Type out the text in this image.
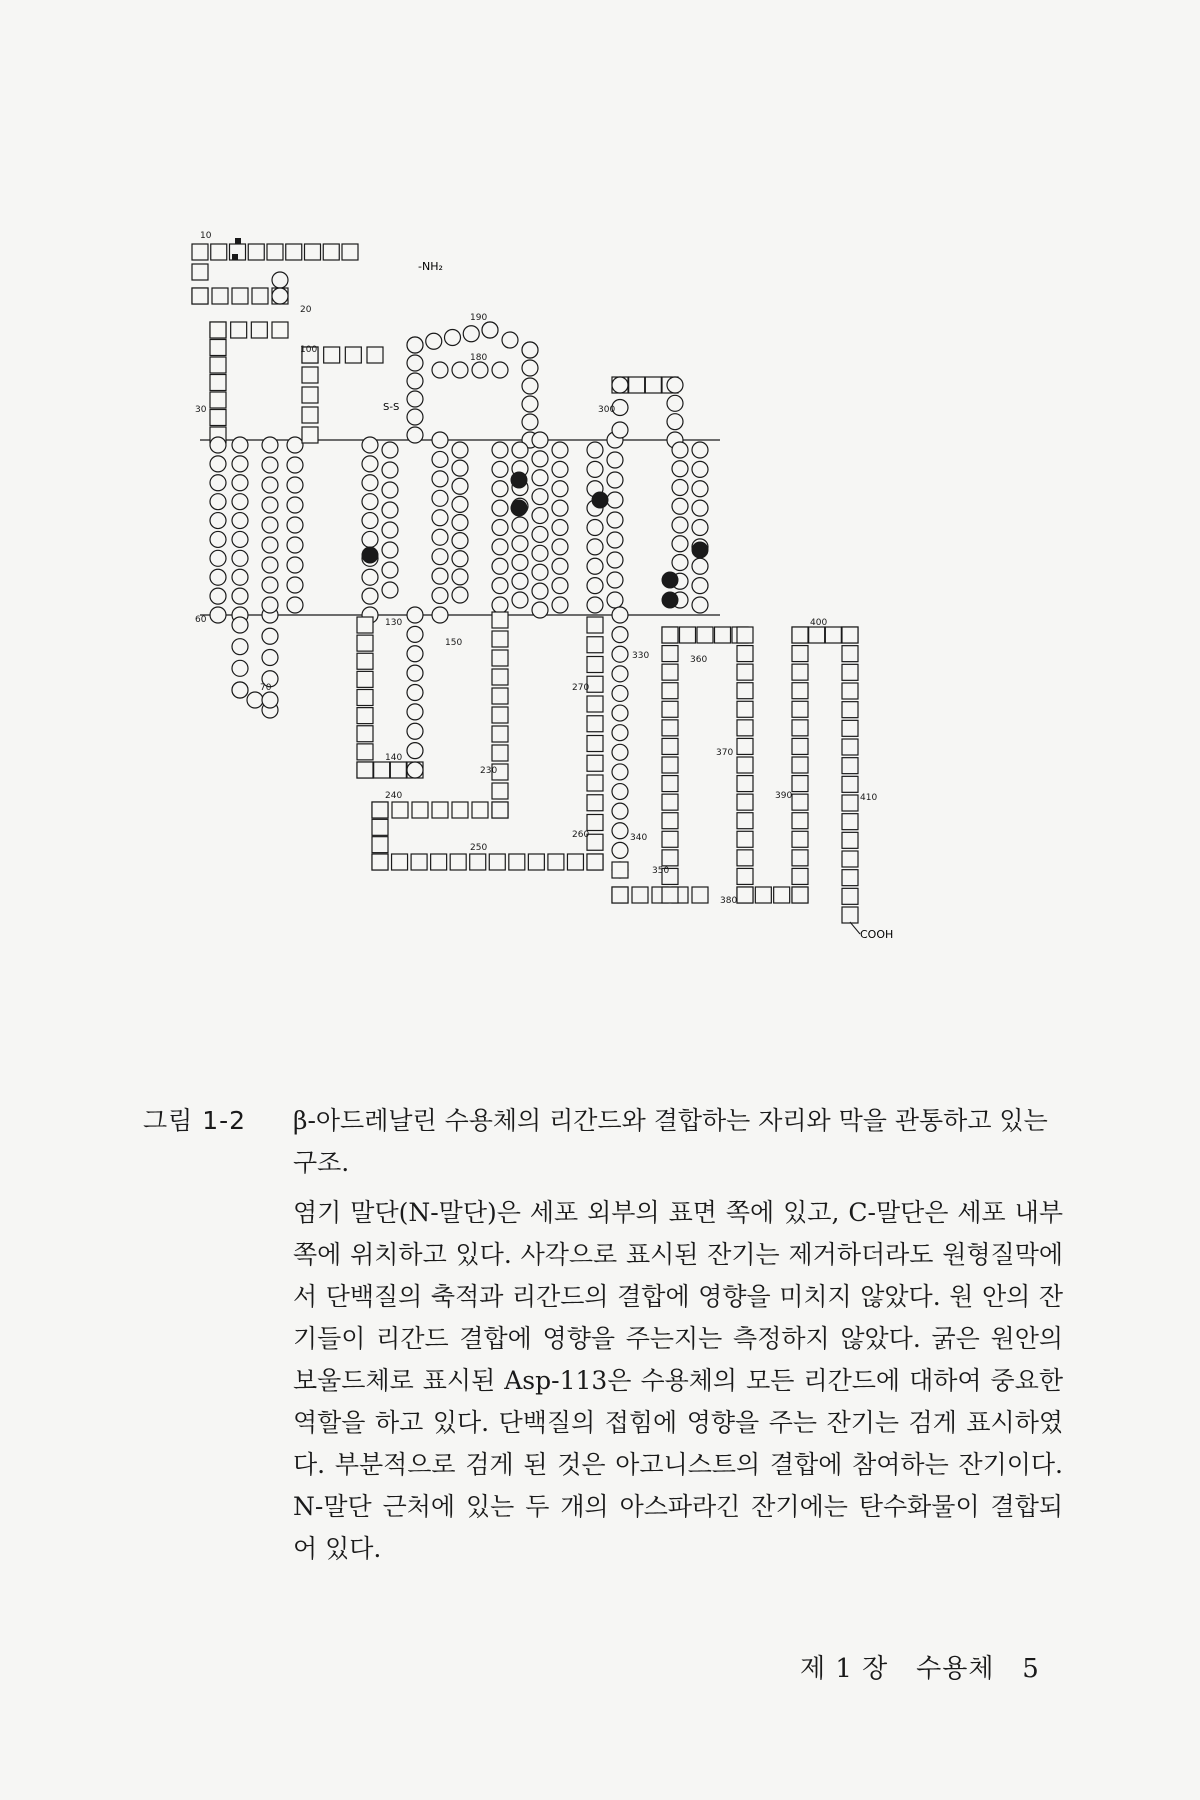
10
20
30
60
70
100
130
140
150
180
190
230
240
250
260
270
300
330
340
350
360
370
380
390
400
410
-NH₂
COOH
S-S
그림 1-2	β-아드레날린 수용체의 리간드와 결합하는 자리와 막을 관통하고 있는 구조.

염기 말단(N-말단)은 세포 외부의 표면 쪽에 있고, C-말단은 세포 내부 쪽에 위치하고 있다. 사각으로 표시된 잔기는 제거하더라도 원형질막에서 단백질의 축적과 리간드의 결합에 영향을 미치지 않았다. 원 안의 잔기들이 리간드 결합에 영향을 주는지는 측정하지 않았다. 굵은 원안의 보울드체로 표시된 Asp-113은 수용체의 모든 리간드에 대하여 중요한 역할을 하고 있다. 단백질의 접힘에 영향을 주는 잔기는 검게 표시하였다. 부분적으로 검게 된 것은 아고니스트의 결합에 참여하는 잔기이다. N-말단 근처에 있는 두 개의 아스파라긴 잔기에는 탄수화물이 결합되어 있다.

제 1 장 수용체 5
